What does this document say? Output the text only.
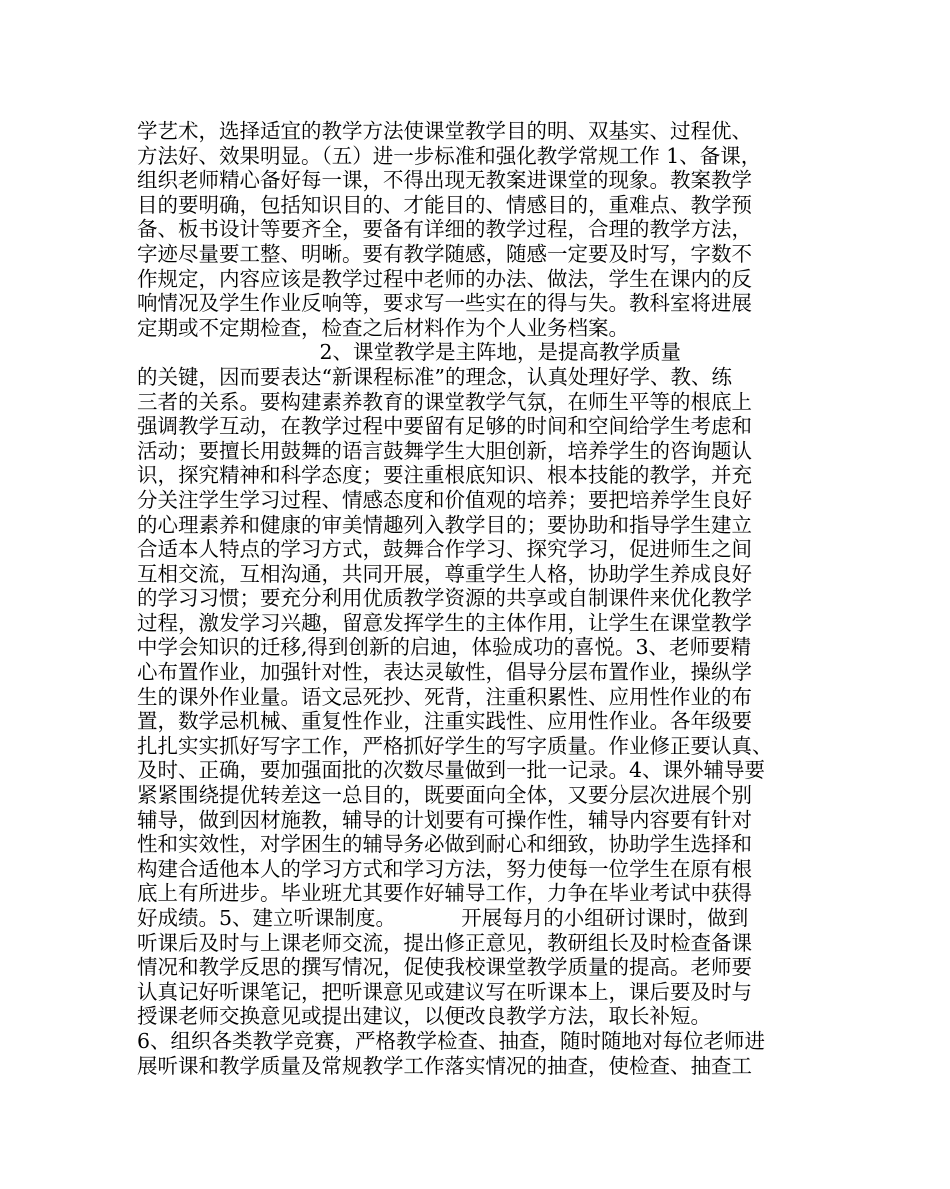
学艺术，选择适宜的教学方法使课堂教学目的明、双基实、过程优、
方法好、效果明显。（五）进一步标准和强化教学常规工作 1、备课，
组织老师精心备好每一课，不得出现无教案进课堂的现象。教案教学
目的要明确，包括知识目的、才能目的、情感目的，重难点、教学预
备、板书设计等要齐全，要备有详细的教学过程，合理的教学方法，
字迹尽量要工整、明晰。要有教学随感，随感一定要及时写，字数不
作规定，内容应该是教学过程中老师的办法、做法，学生在课内的反
响情况及学生作业反响等，要求写一些实在的得与失。教科室将进展
定期或不定期检查，检查之后材料作为个人业务档案。
2、课堂教学是主阵地，是提高教学质量
的关键，因而要表达“新课程标准”的理念，认真处理好学、教、练
三者的关系。要构建素养教育的课堂教学气氛，在师生平等的根底上
强调教学互动，在教学过程中要留有足够的时间和空间给学生考虑和
活动；要擅长用鼓舞的语言鼓舞学生大胆创新，培养学生的咨询题认
识，探究精神和科学态度；要注重根底知识、根本技能的教学，并充
分关注学生学习过程、情感态度和价值观的培养；要把培养学生良好
的心理素养和健康的审美情趣列入教学目的；要协助和指导学生建立
合适本人特点的学习方式，鼓舞合作学习、探究学习，促进师生之间
互相交流，互相沟通，共同开展，尊重学生人格，协助学生养成良好
的学习习惯；要充分利用优质教学资源的共享或自制课件来优化教学
过程，激发学习兴趣，留意发挥学生的主体作用，让学生在课堂教学
中学会知识的迁移,得到创新的启迪，体验成功的喜悦。3、老师要精
心布置作业，加强针对性，表达灵敏性，倡导分层布置作业，操纵学
生的课外作业量。语文忌死抄、死背，注重积累性、应用性作业的布
置，数学忌机械、重复性作业，注重实践性、应用性作业。各年级要
扎扎实实抓好写字工作，严格抓好学生的写字质量。作业修正要认真、
及时、正确，要加强面批的次数尽量做到一批一记录。4、课外辅导要
紧紧围绕提优转差这一总目的，既要面向全体，又要分层次进展个别
辅导，做到因材施教，辅导的计划要有可操作性，辅导内容要有针对
性和实效性，对学困生的辅导务必做到耐心和细致，协助学生选择和
构建合适他本人的学习方式和学习方法，努力使每一位学生在原有根
底上有所进步。毕业班尤其要作好辅导工作，力争在毕业考试中获得
好成绩。5、建立听课制度。          开展每月的小组研讨课时，做到
听课后及时与上课老师交流，提出修正意见，教研组长及时检查备课
情况和教学反思的撰写情况，促使我校课堂教学质量的提高。老师要
认真记好听课笔记，把听课意见或建议写在听课本上，课后要及时与
授课老师交换意见或提出建议，以便改良教学方法，取长补短。
6、组织各类教学竞赛，严格教学检查、抽查，随时随地对每位老师进
展听课和教学质量及常规教学工作落实情况的抽查，使检查、抽查工
